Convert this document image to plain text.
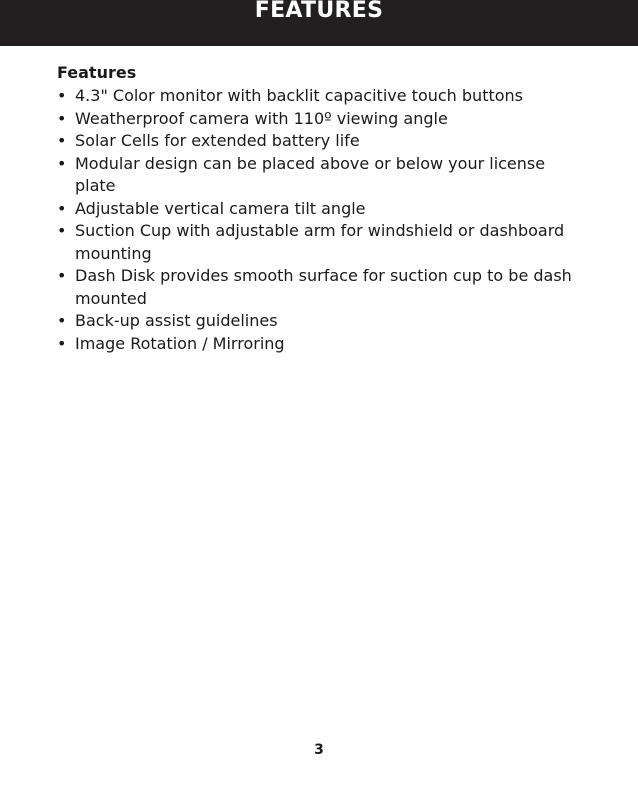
FEATURES
Features
• 4.3" Color monitor with backlit capacitive touch buttons
• Weatherproof camera with 110º viewing angle
• Solar Cells for extended battery life
• Modular design can be placed above or below your license plate
• Adjustable vertical camera tilt angle
• Suction Cup with adjustable arm for windshield or dashboard mounting
• Dash Disk provides smooth surface for suction cup to be dash mounted
• Back-up assist guidelines
• Image Rotation / Mirroring
3
